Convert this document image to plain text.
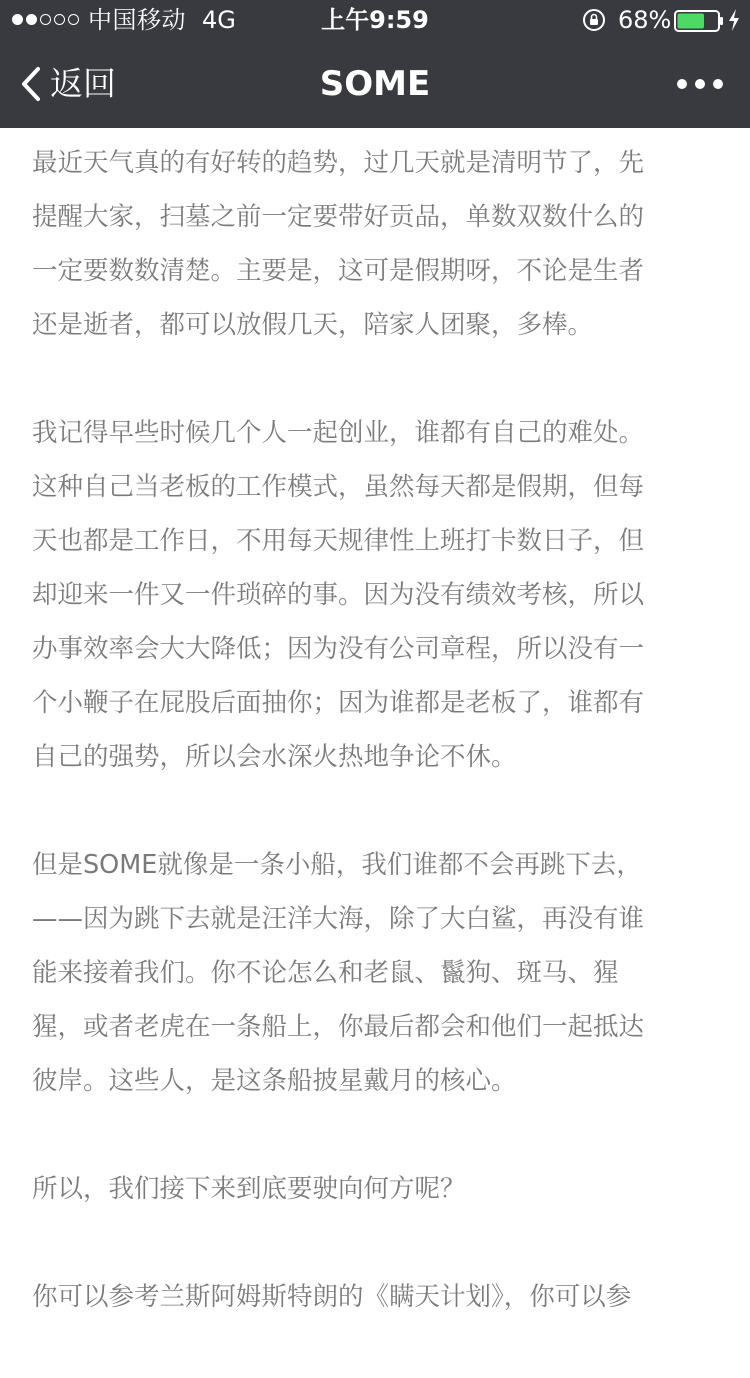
中国移动 4G	上午9:59	68%
返回	SOME

最近天气真的有好转的趋势，过几天就是清明节了，先
提醒大家，扫墓之前一定要带好贡品，单数双数什么的
一定要数数清楚。主要是，这可是假期呀，不论是生者
还是逝者，都可以放假几天，陪家人团聚，多棒。

我记得早些时候几个人一起创业，谁都有自己的难处。
这种自己当老板的工作模式，虽然每天都是假期，但每
天也都是工作日，不用每天规律性上班打卡数日子，但
却迎来一件又一件琐碎的事。因为没有绩效考核，所以
办事效率会大大降低；因为没有公司章程，所以没有一
个小鞭子在屁股后面抽你；因为谁都是老板了，谁都有
自己的强势，所以会水深火热地争论不休。

但是SOME就像是一条小船，我们谁都不会再跳下去，
——因为跳下去就是汪洋大海，除了大白鲨，再没有谁
能来接着我们。你不论怎么和老鼠、鬣狗、斑马、猩
猩，或者老虎在一条船上，你最后都会和他们一起抵达
彼岸。这些人，是这条船披星戴月的核心。

所以，我们接下来到底要驶向何方呢？

你可以参考兰斯阿姆斯特朗的《瞒天计划》，你可以参
